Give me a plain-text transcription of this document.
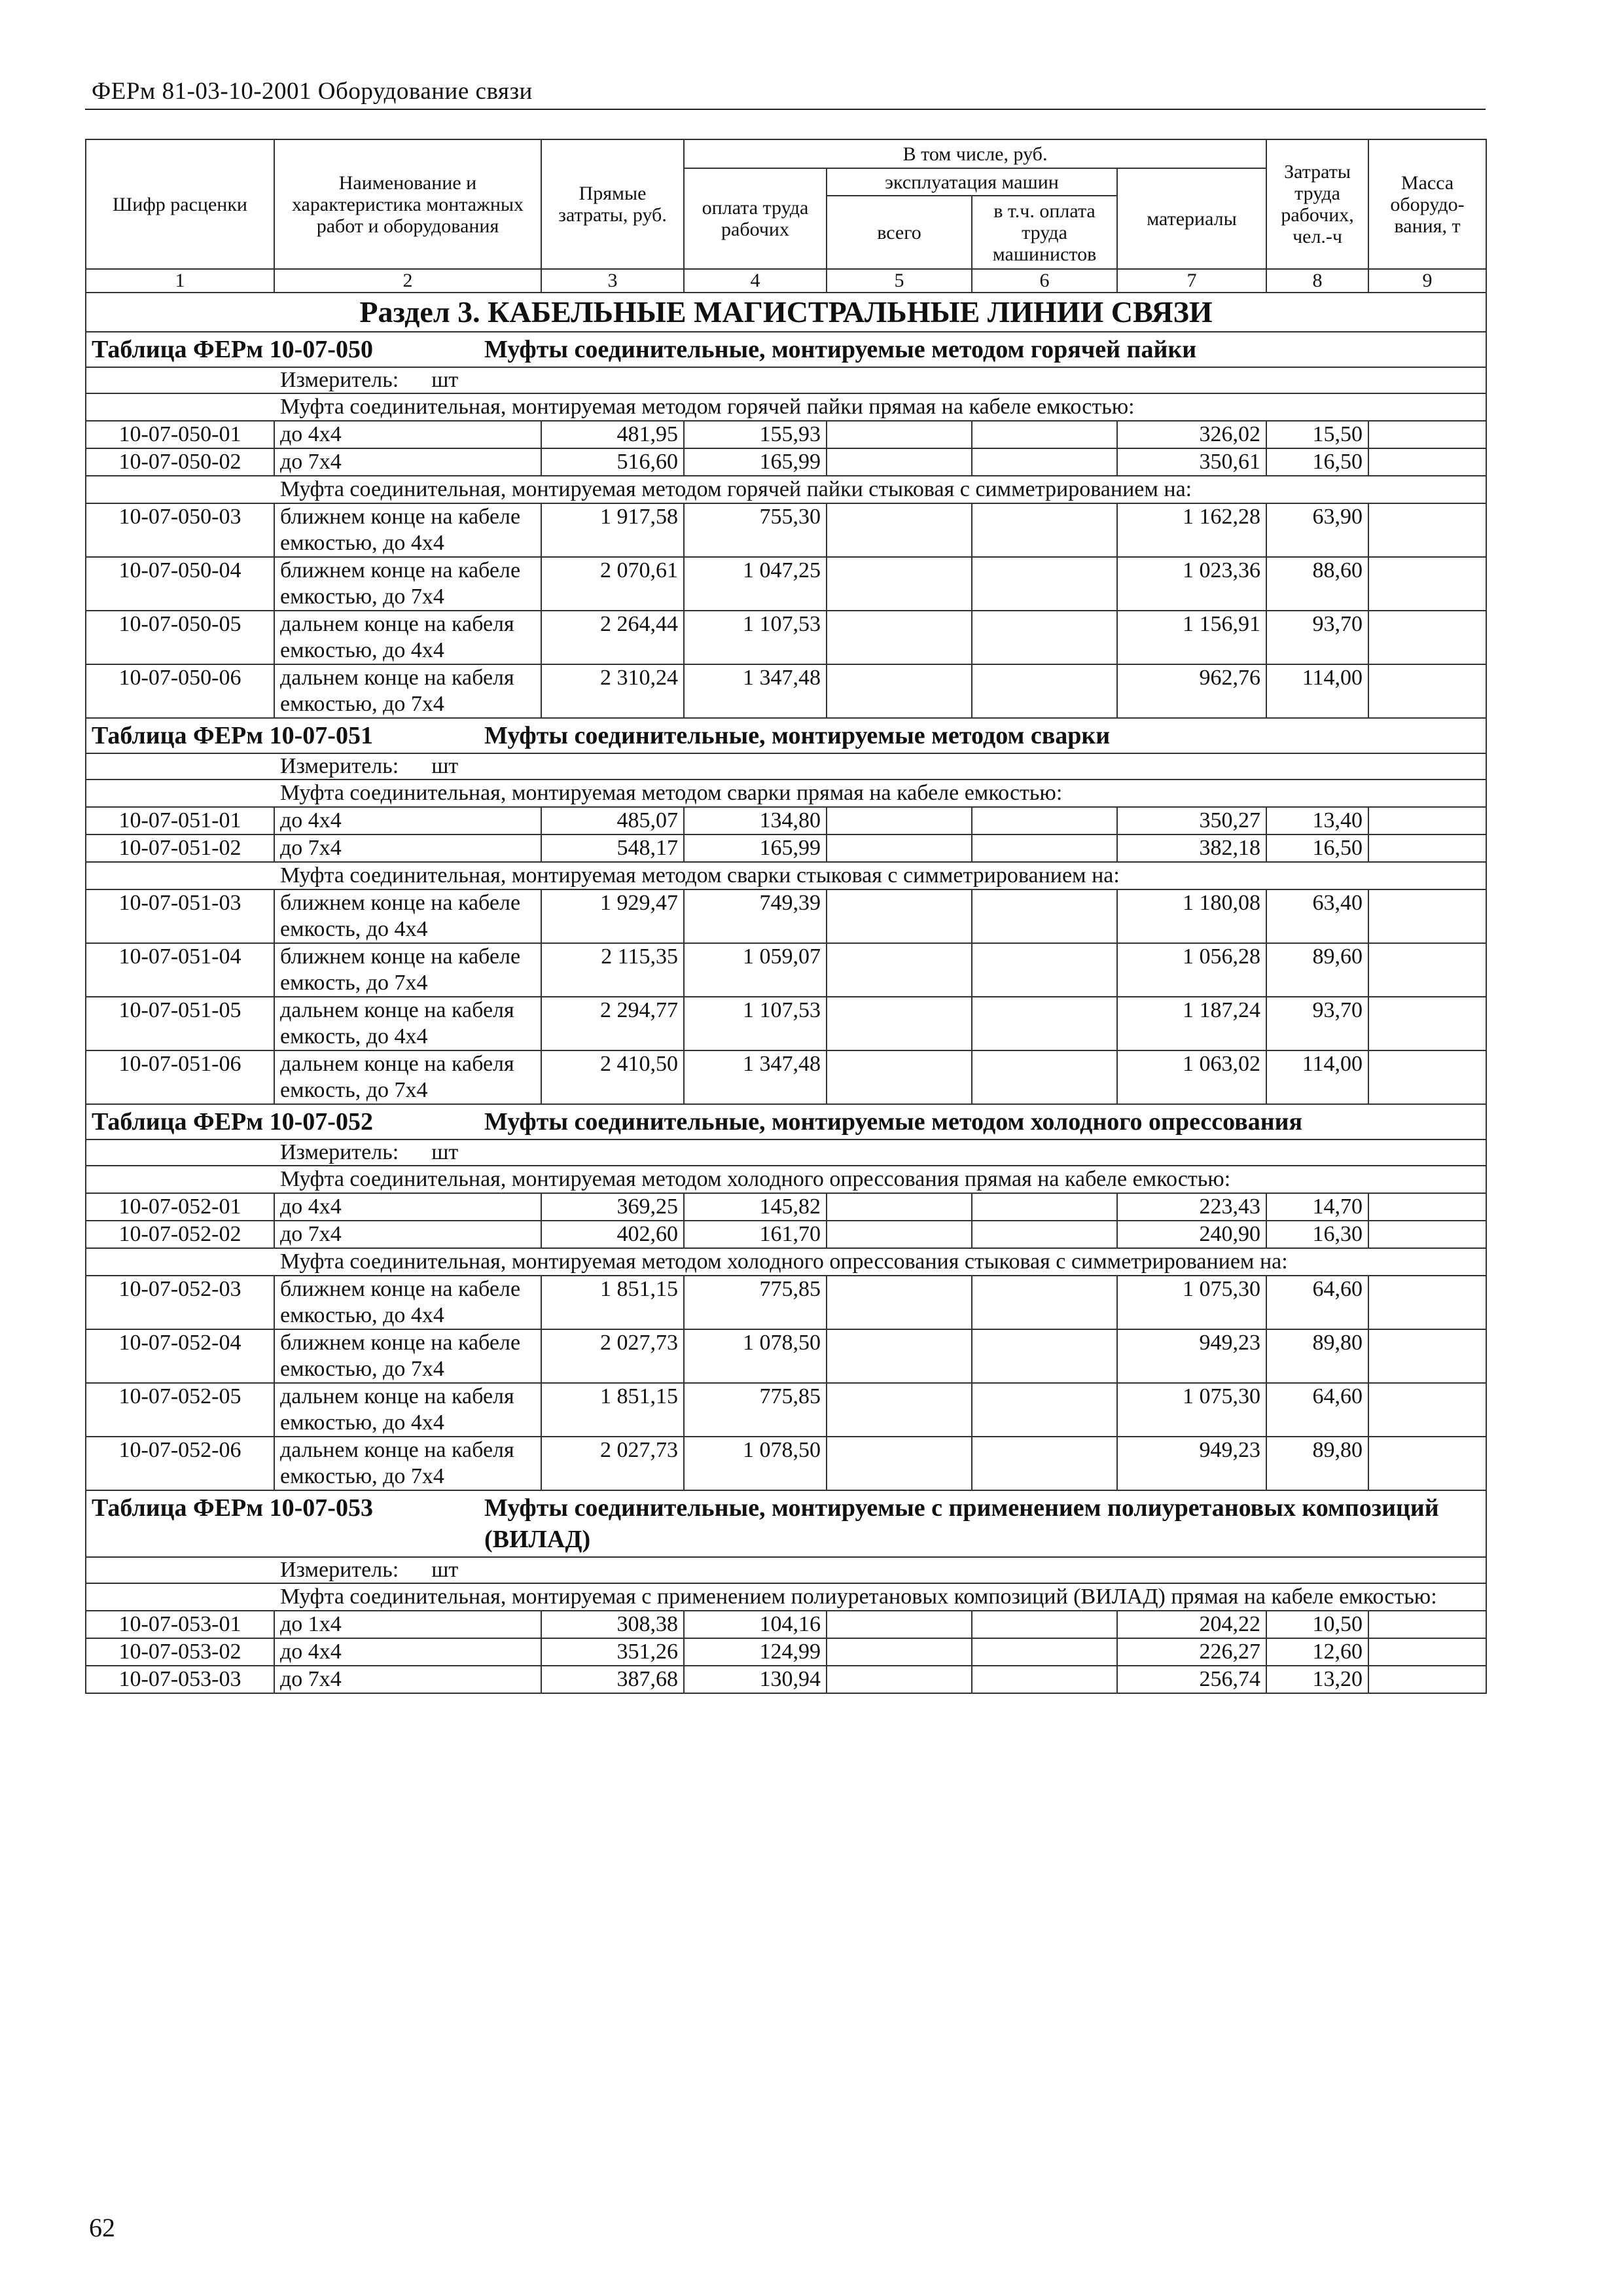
ФЕРм 81-03-10-2001 Оборудование связи
Шифр расценки	Наименование и характеристика монтажных работ и оборудования	Прямые затраты, руб.	В том числе, руб.				Затраты труда рабочих, чел.-ч	Масса оборудо-вания, т
			оплата труда рабочих	эксплуатация машин		материалы		
				всего	в т.ч. оплата труда машинистов			
1	2	3	4	5	6	7	8	9
Раздел 3. КАБЕЛЬНЫЕ МАГИСТРАЛЬНЫЕ ЛИНИИ СВЯЗИ								

Таблица ФЕРм 10-07-050 Муфты соединительные, монтируемые методом горячей пайки								

Измеритель: шт								
Муфта соединительная, монтируемая методом горячей пайки прямая на кабеле емкостью:								
10-07-050-01	до 4х4	481,95	155,93			326,02	15,50	
10-07-050-02	до 7х4	516,60	165,99			350,61	16,50	
Муфта соединительная, монтируемая методом горячей пайки стыковая с симметрированием на:								
10-07-050-03	ближнем конце на кабеле емкостью, до 4х4	1 917,58	755,30			1 162,28	63,90	
10-07-050-04	ближнем конце на кабеле емкостью, до 7х4	2 070,61	1 047,25			1 023,36	88,60	
10-07-050-05	дальнем конце на кабеля емкостью, до 4х4	2 264,44	1 107,53			1 156,91	93,70	
10-07-050-06	дальнем конце на кабеля емкостью, до 7х4	2 310,24	1 347,48			962,76	114,00	

Таблица ФЕРм 10-07-051 Муфты соединительные, монтируемые методом сварки								

Измеритель: шт								
Муфта соединительная, монтируемая методом сварки прямая на кабеле емкостью:								
10-07-051-01	до 4х4	485,07	134,80			350,27	13,40	
10-07-051-02	до 7х4	548,17	165,99			382,18	16,50	
Муфта соединительная, монтируемая методом сварки стыковая с симметрированием на:								
10-07-051-03	ближнем конце на кабеле емкость, до 4х4	1 929,47	749,39			1 180,08	63,40	
10-07-051-04	ближнем конце на кабеле емкость, до 7х4	2 115,35	1 059,07			1 056,28	89,60	
10-07-051-05	дальнем конце на кабеля емкость, до 4х4	2 294,77	1 107,53			1 187,24	93,70	
10-07-051-06	дальнем конце на кабеля емкость, до 7х4	2 410,50	1 347,48			1 063,02	114,00	

Таблица ФЕРм 10-07-052 Муфты соединительные, монтируемые методом холодного опрессования								

Измеритель: шт								
Муфта соединительная, монтируемая методом холодного опрессования прямая на кабеле емкостью:								
10-07-052-01	до 4х4	369,25	145,82			223,43	14,70	
10-07-052-02	до 7х4	402,60	161,70			240,90	16,30	
Муфта соединительная, монтируемая методом холодного опрессования стыковая с симметрированием на:								
10-07-052-03	ближнем конце на кабеле емкостью, до 4х4	1 851,15	775,85			1 075,30	64,60	
10-07-052-04	ближнем конце на кабеле емкостью, до 7х4	2 027,73	1 078,50			949,23	89,80	
10-07-052-05	дальнем конце на кабеля емкостью, до 4х4	1 851,15	775,85			1 075,30	64,60	
10-07-052-06	дальнем конце на кабеля емкостью, до 7х4	2 027,73	1 078,50			949,23	89,80	

Таблица ФЕРм 10-07-053 Муфты соединительные, монтируемые с применением полиуретановых композиций (ВИЛАД)								

Измеритель: шт								
Муфта соединительная, монтируемая с применением полиуретановых композиций (ВИЛАД) прямая на кабеле емкостью:								
10-07-053-01	до 1х4	308,38	104,16			204,22	10,50	
10-07-053-02	до 4х4	351,26	124,99			226,27	12,60	
10-07-053-03	до 7х4	387,68	130,94			256,74	13,20	
62
